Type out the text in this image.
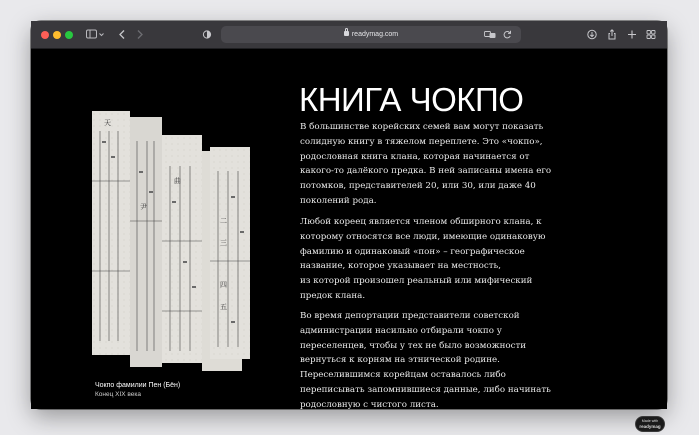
readymag.com
天
二
三
四
五
曲
尹
Чокпо фамилии Пен (Бён)
Конец XIX века
КНИГА ЧОКПО
В большинстве корейских семей вам могут показать
солидную книгу в тяжелом переплете. Это «чокпо»,
родословная книга клана, которая начинается от
какого-то далёкого предка. В ней записаны имена его
потомков, представителей 20, или 30, или даже 40
поколений рода.
Любой кореец является членом обширного клана, к
которому относятся все люди, имеющие одинаковую
фамилию и одинаковый «пон» – географическое
название, которое указывает на местность,
из которой произошел реальный или мифический
предок клана.
Во время депортации представители советской
администрации насильно отбирали чокпо у
переселенцев, чтобы у тех не было возможности
вернуться к корням на этнической родине.
Переселившимся корейцам оставалось либо
переписывать запомнившиеся данные, либо начинать
родословную с чистого листа.
Made with
readymag
